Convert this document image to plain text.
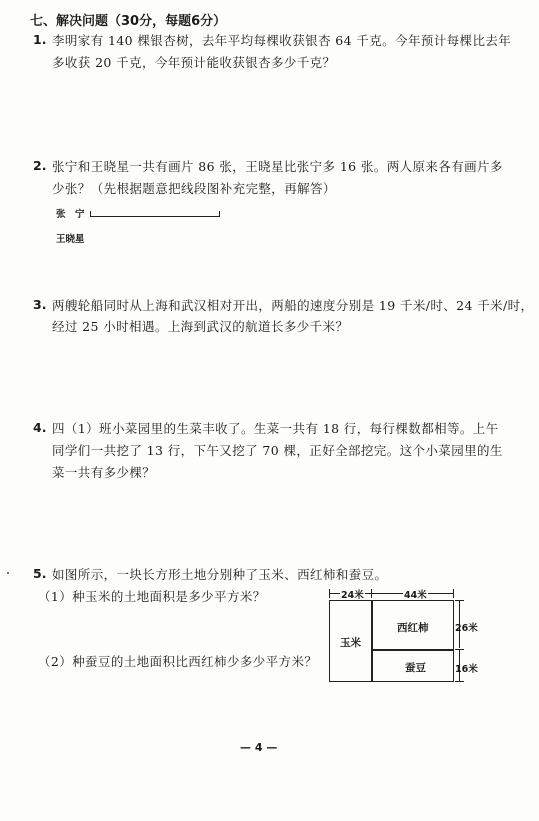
七、解决问题（30分，每题6分）
1. 李明家有 140 棵银杏树，去年平均每棵收获银杏 64 千克。今年预计每棵比去年
多收获 20 千克，今年预计能收获银杏多少千克？
2. 张宁和王晓星一共有画片 86 张，王晓星比张宁多 16 张。两人原来各有画片多
少张？（先根据题意把线段图补充完整，再解答）
张　宁
王晓星
3. 两艘轮船同时从上海和武汉相对开出，两船的速度分别是 19 千米/时、24 千米/时，
经过 25 小时相遇。上海到武汉的航道长多少千米？
4. 四（1）班小菜园里的生菜丰收了。生菜一共有 18 行，每行棵数都相等。上午
同学们一共挖了 13 行，下午又挖了 70 棵，正好全部挖完。这个小菜园里的生
菜一共有多少棵？
5. 如图所示，一块长方形土地分别种了玉米、西红柿和蚕豆。
（1）种玉米的土地面积是多少平方米？
（2）种蚕豆的土地面积比西红柿少多少平方米？
24米	44米
玉米
西红柿
蚕豆
26米
16米
— 4 —
